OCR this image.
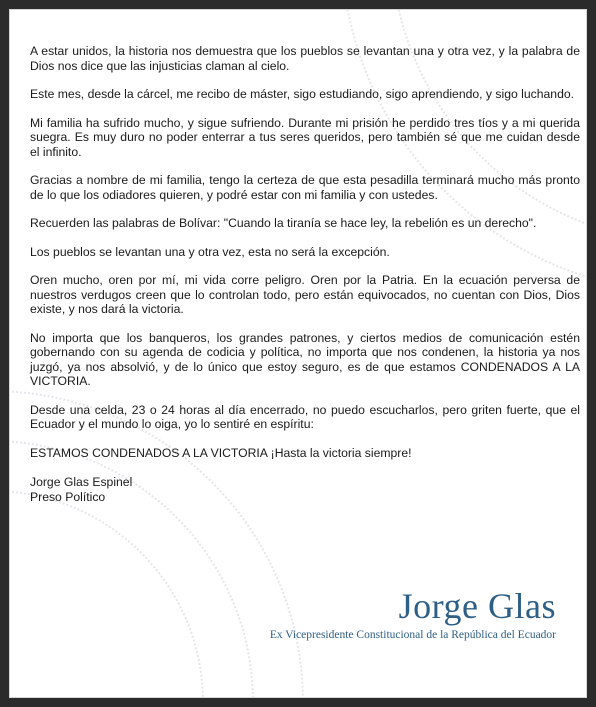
A estar unidos, la historia nos demuestra que los pueblos se levantan una y otra vez, y la palabra de Dios nos dice que las injusticias claman al cielo.

Este mes, desde la cárcel, me recibo de máster, sigo estudiando, sigo aprendiendo, y sigo luchando.

Mi familia ha sufrido mucho, y sigue sufriendo. Durante mi prisión he perdido tres tíos y a mi querida suegra. Es muy duro no poder enterrar a tus seres queridos, pero también sé que me cuidan desde el infinito.

Gracias a nombre de mi familia, tengo la certeza de que esta pesadilla terminará mucho más pronto de lo que los odiadores quieren, y podré estar con mi familia y con ustedes.

Recuerden las palabras de Bolívar: "Cuando la tiranía se hace ley, la rebelión es un derecho".

Los pueblos se levantan una y otra vez, esta no será la excepción.

Oren mucho, oren por mí, mi vida corre peligro. Oren por la Patria. En la ecuación perversa de nuestros verdugos creen que lo controlan todo, pero están equivocados, no cuentan con Dios, Dios existe, y nos dará la victoria.

No importa que los banqueros, los grandes patrones, y ciertos medios de comunicación estén gobernando con su agenda de codicia y política, no importa que nos condenen, la historia ya nos juzgó, ya nos absolvió, y de lo único que estoy seguro, es de que estamos CONDENADOS A LA VICTORIA.

Desde una celda, 23 o 24 horas al día encerrado, no puedo escucharlos, pero griten fuerte, que el Ecuador y el mundo lo oiga, yo lo sentiré en espíritu:

ESTAMOS CONDENADOS A LA VICTORIA ¡Hasta la victoria siempre!

Jorge Glas Espinel
Preso Político
Jorge Glas
Ex Vicepresidente Constitucional de la República del Ecuador
